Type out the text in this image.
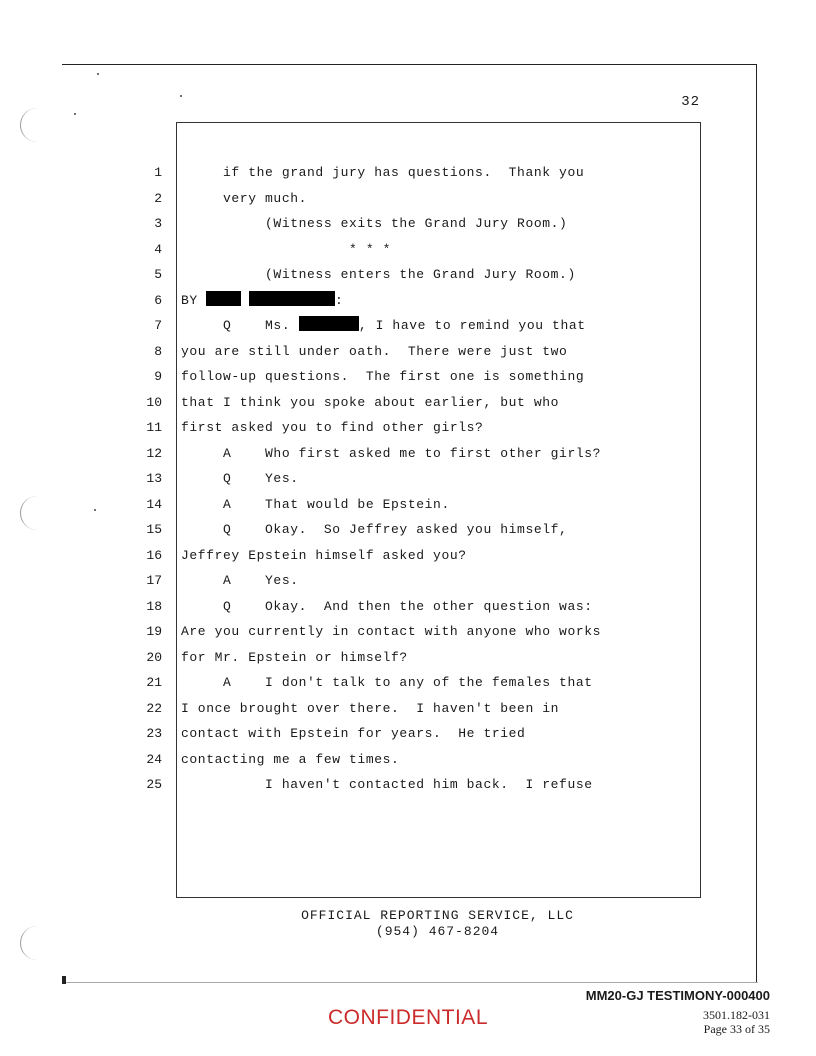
32
1
2
3
4
5
6
7
8
9
10
11
12
13
14
15
16
17
18
19
20
21
22
23
24
25
if the grand jury has questions.  Thank you
very much.
(Witness exits the Grand Jury Room.)
* * *
(Witness enters the Grand Jury Room.)
BY	:
Q    Ms.	, I have to remind you that
you are still under oath.  There were just two
follow-up questions.  The first one is something
that I think you spoke about earlier, but who
first asked you to find other girls?
A    Who first asked me to first other girls?
Q    Yes.
A    That would be Epstein.
Q    Okay.  So Jeffrey asked you himself,
Jeffrey Epstein himself asked you?
A    Yes.
Q    Okay.  And then the other question was:
Are you currently in contact with anyone who works
for Mr. Epstein or himself?
A    I don't talk to any of the females that
I once brought over there.  I haven't been in
contact with Epstein for years.  He tried
contacting me a few times.
I haven't contacted him back.  I refuse
OFFICIAL REPORTING SERVICE, LLC
(954) 467-8204
MM20-GJ TESTIMONY-000400
CONFIDENTIAL	3501.182-031
Page 33 of 35
